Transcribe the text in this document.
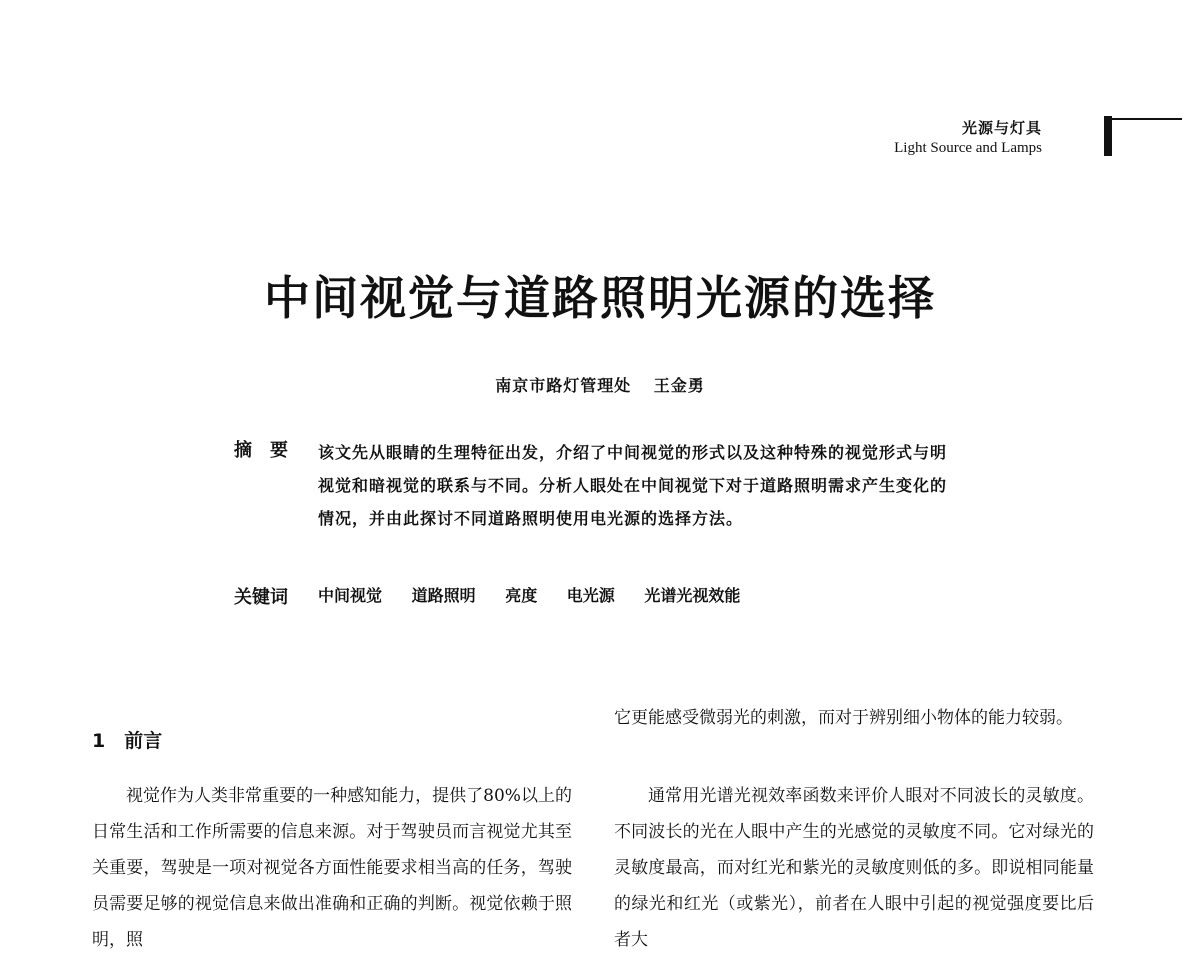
光源与灯具
Light Source and Lamps
中间视觉与道路照明光源的选择
南京市路灯管理处 王金勇
摘　要 该文先从眼睛的生理特征出发，介绍了中间视觉的形式以及这种特殊的视觉形式与明视觉和暗视觉的联系与不同。分析人眼处在中间视觉下对于道路照明需求产生变化的情况，并由此探讨不同道路照明使用电光源的选择方法。
关键词 中间视觉 道路照明 亮度 电光源 光谱光视效能
1　前言

视觉作为人类非常重要的一种感知能力，提供了80%以上的日常生活和工作所需要的信息来源。对于驾驶员而言视觉尤其至关重要，驾驶是一项对视觉各方面性能要求相当高的任务，驾驶员需要足够的视觉信息来做出准确和正确的判断。视觉依赖于照明，照

它更能感受微弱光的刺激，而对于辨别细小物体的能力较弱。

通常用光谱光视效率函数来评价人眼对不同波长的灵敏度。不同波长的光在人眼中产生的光感觉的灵敏度不同。它对绿光的灵敏度最高，而对红光和紫光的灵敏度则低的多。即说相同能量的绿光和红光（或紫光），前者在人眼中引起的视觉强度要比后者大
